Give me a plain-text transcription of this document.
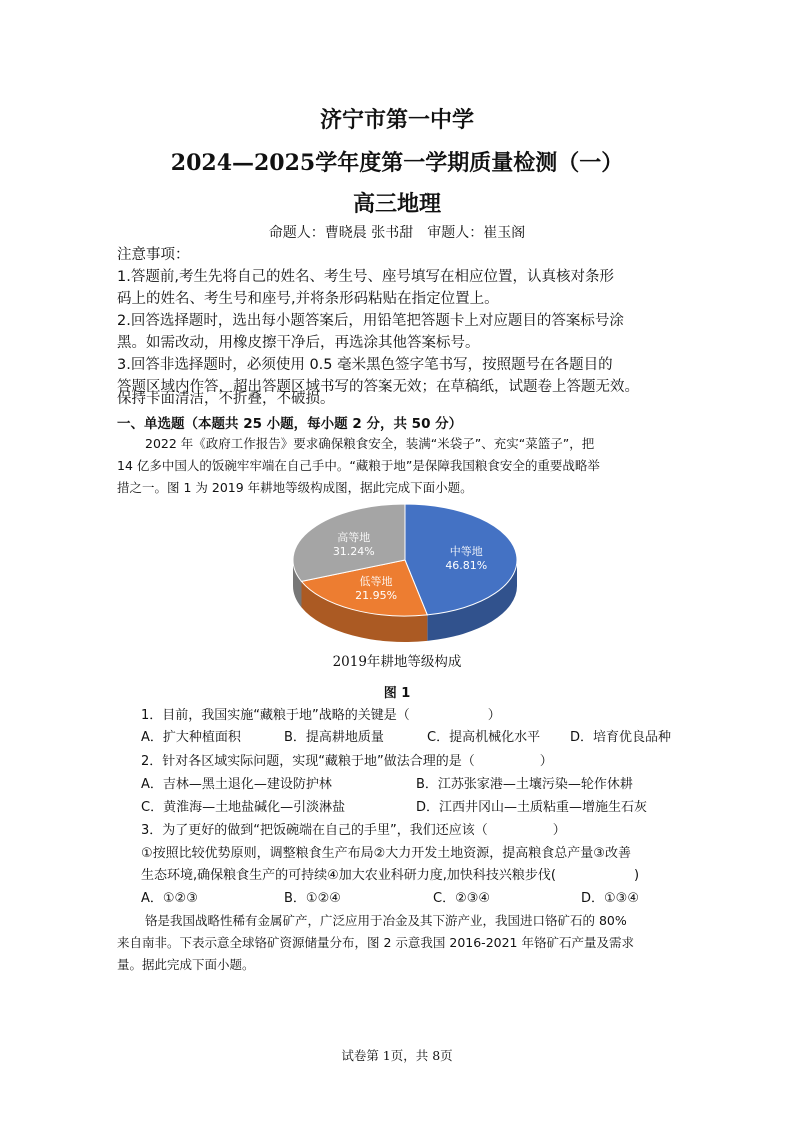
济宁市第一中学
2024—2025学年度第一学期质量检测（一）
高三地理
命题人：曹晓晨 张书甜　审题人：崔玉阁
注意事项：
1.答题前,考生先将自己的姓名、考生号、座号填写在相应位置，认真核对条形
码上的姓名、考生号和座号,并将条形码粘贴在指定位置上。
2.回答选择题时，选出每小题答案后，用铅笔把答题卡上对应题目的答案标号涂
黑。如需改动，用橡皮擦干净后，再选涂其他答案标号。
3.回答非选择题时，必须使用 0.5 毫米黑色签字笔书写，按照题号在各题目的
答题区域内作答，超出答题区域书写的答案无效；在草稿纸，试题卷上答题无效。
保持卡面清洁，不折叠，不破损。
一、单选题（本题共 25 小题，每小题 2 分，共 50 分）
2022 年《政府工作报告》要求确保粮食安全，装满“米袋子”、充实“菜篮子”，把
14 亿多中国人的饭碗牢牢端在自己手中。“藏粮于地”是保障我国粮食安全的重要战略举
措之一。图 1 为 2019 年耕地等级构成图，据此完成下面小题。
中等地
46.81%
低等地
21.95%
高等地
31.24%
2019年耕地等级构成
图 1
1．目前，我国实施“藏粮于地”战略的关键是（　　　　　　）
A．扩大种植面积	B．提高耕地质量	C．提高机械化水平 D．培育优良品种
2．针对各区域实际问题，实现“藏粮于地”做法合理的是（　　　　　）
A．吉林—黑土退化—建设防护林	B．江苏张家港—土壤污染—轮作休耕
C．黄淮海—土地盐碱化—引淡淋盐	D．江西井冈山—土质粘重—增施生石灰
3．为了更好的做到“把饭碗端在自己的手里”，我们还应该（　　　　　）
①按照比较优势原则，调整粮食生产布局②大力开发土地资源，提高粮食总产量③改善
生态环境,确保粮食生产的可持续④加大农业科研力度,加快科技兴粮步伐(　　　　　　)
A．①②③	B．①②④	C．②③④	D．①③④
铬是我国战略性稀有金属矿产，广泛应用于冶金及其下游产业，我国进口铬矿石的 80%
来自南非。下表示意全球铬矿资源储量分布，图 2 示意我国 2016-2021 年铬矿石产量及需求
量。据此完成下面小题。
试卷第 1页，共 8页
